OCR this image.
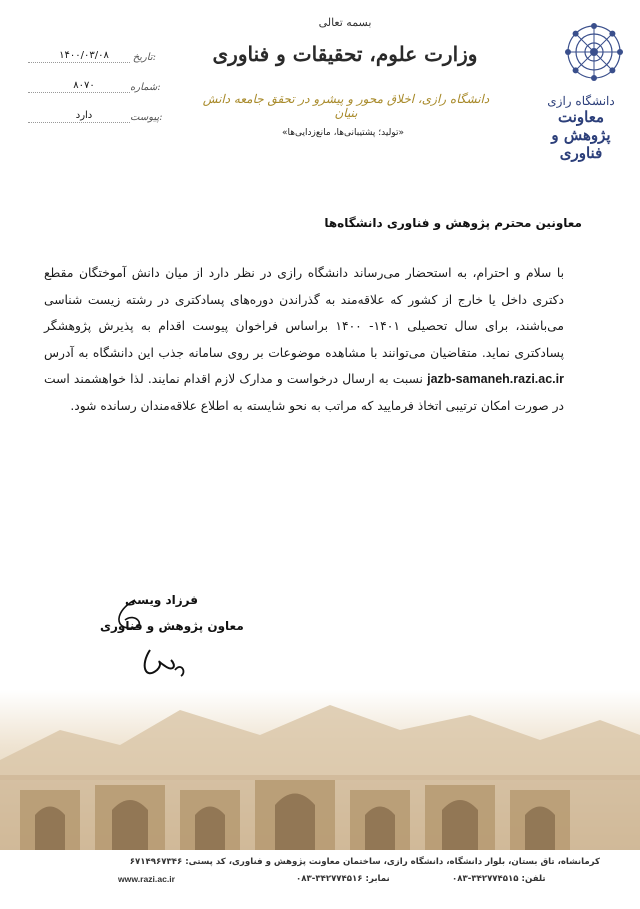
دانشگاه رازی
معاونت
پژوهش و فناوری
بسمه تعالی
وزارت علوم، تحقیقات و فناوری
دانشگاه رازی، اخلاق محور و پیشرو در تحقق جامعه دانش بنیان
«تولید؛ پشتیبانی‌ها، مانع‌زدایی‌ها»
تاریخ:
۱۴۰۰/۰۳/۰۸
شماره:
۸۰۷۰
پیوست:
دارد
معاونین محترم پژوهش و فناوری دانشگاه‌ها
با سلام و احترام، به استحضار می‌رساند دانشگاه رازی در نظر دارد از میان دانش آموختگان مقطع دکتری داخل یا خارج از کشور که علاقه‌مند به گذراندن دوره‌های پسادکتری در رشته زیست شناسی می‌باشند، برای سال تحصیلی ۱۴۰۱- ۱۴۰۰ براساس فراخوان پیوست اقدام به پذیرش پژوهشگر پسادکتری نماید. متقاضیان می‌توانند با مشاهده موضوعات بر روی سامانه جذب این دانشگاه به آدرس jazb-samaneh.razi.ac.ir نسبت به ارسال درخواست و مدارک لازم اقدام نمایند. لذا خواهشمند است در صورت امکان ترتیبی اتخاذ فرمایید که مراتب به نحو شایسته به اطلاع علاقه‌مندان رسانده شود.
فرزاد ویسی
معاون پژوهش و فناوری
کرمانشاه، تاق بستان، بلوار دانشگاه، دانشگاه رازی، ساختمان معاونت پژوهش و فناوری، کد پستی: ۶۷۱۴۹۶۷۳۴۶
www.razi.ac.ir	نمابر: ۳۴۲۷۷۴۵۱۶-۰۸۳	تلفن: ۳۴۲۷۷۴۵۱۵-۰۸۳
